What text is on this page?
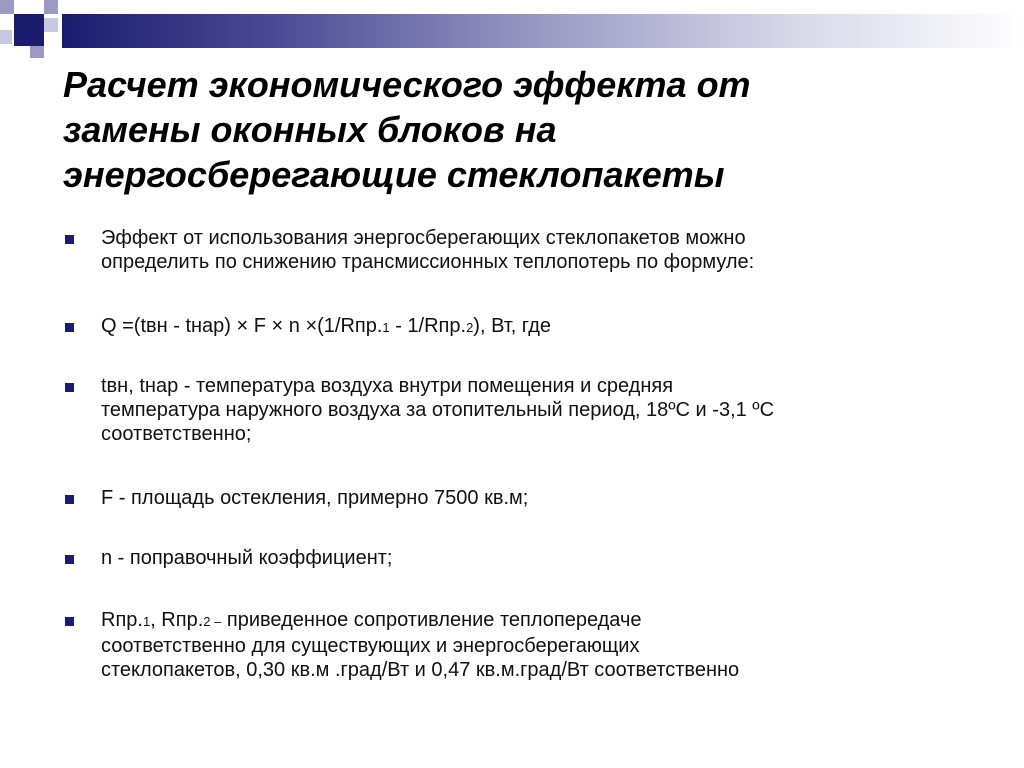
Расчет экономического эффекта от
замены оконных блоков на
энергосберегающие стеклопакеты
Эффект от использования энергосберегающих стеклопакетов можно
определить по снижению трансмиссионных теплопотерь по формуле:
Q =(tвн - tнар) × F × n ×(1/Rпр.1 - 1/Rпр.2), Вт, где
tвн, tнар - температура воздуха внутри помещения и средняя
температура наружного воздуха за отопительный период, 18ºС и -3,1 ºС
соответственно;
F - площадь остекления, примерно 7500 кв.м;
n - поправочный коэффициент;
Rпр.1, Rпр.2 – приведенное сопротивление теплопередаче
соответственно для существующих и энергосберегающих
стеклопакетов, 0,30 кв.м .град/Вт и 0,47 кв.м.град/Вт соответственно
